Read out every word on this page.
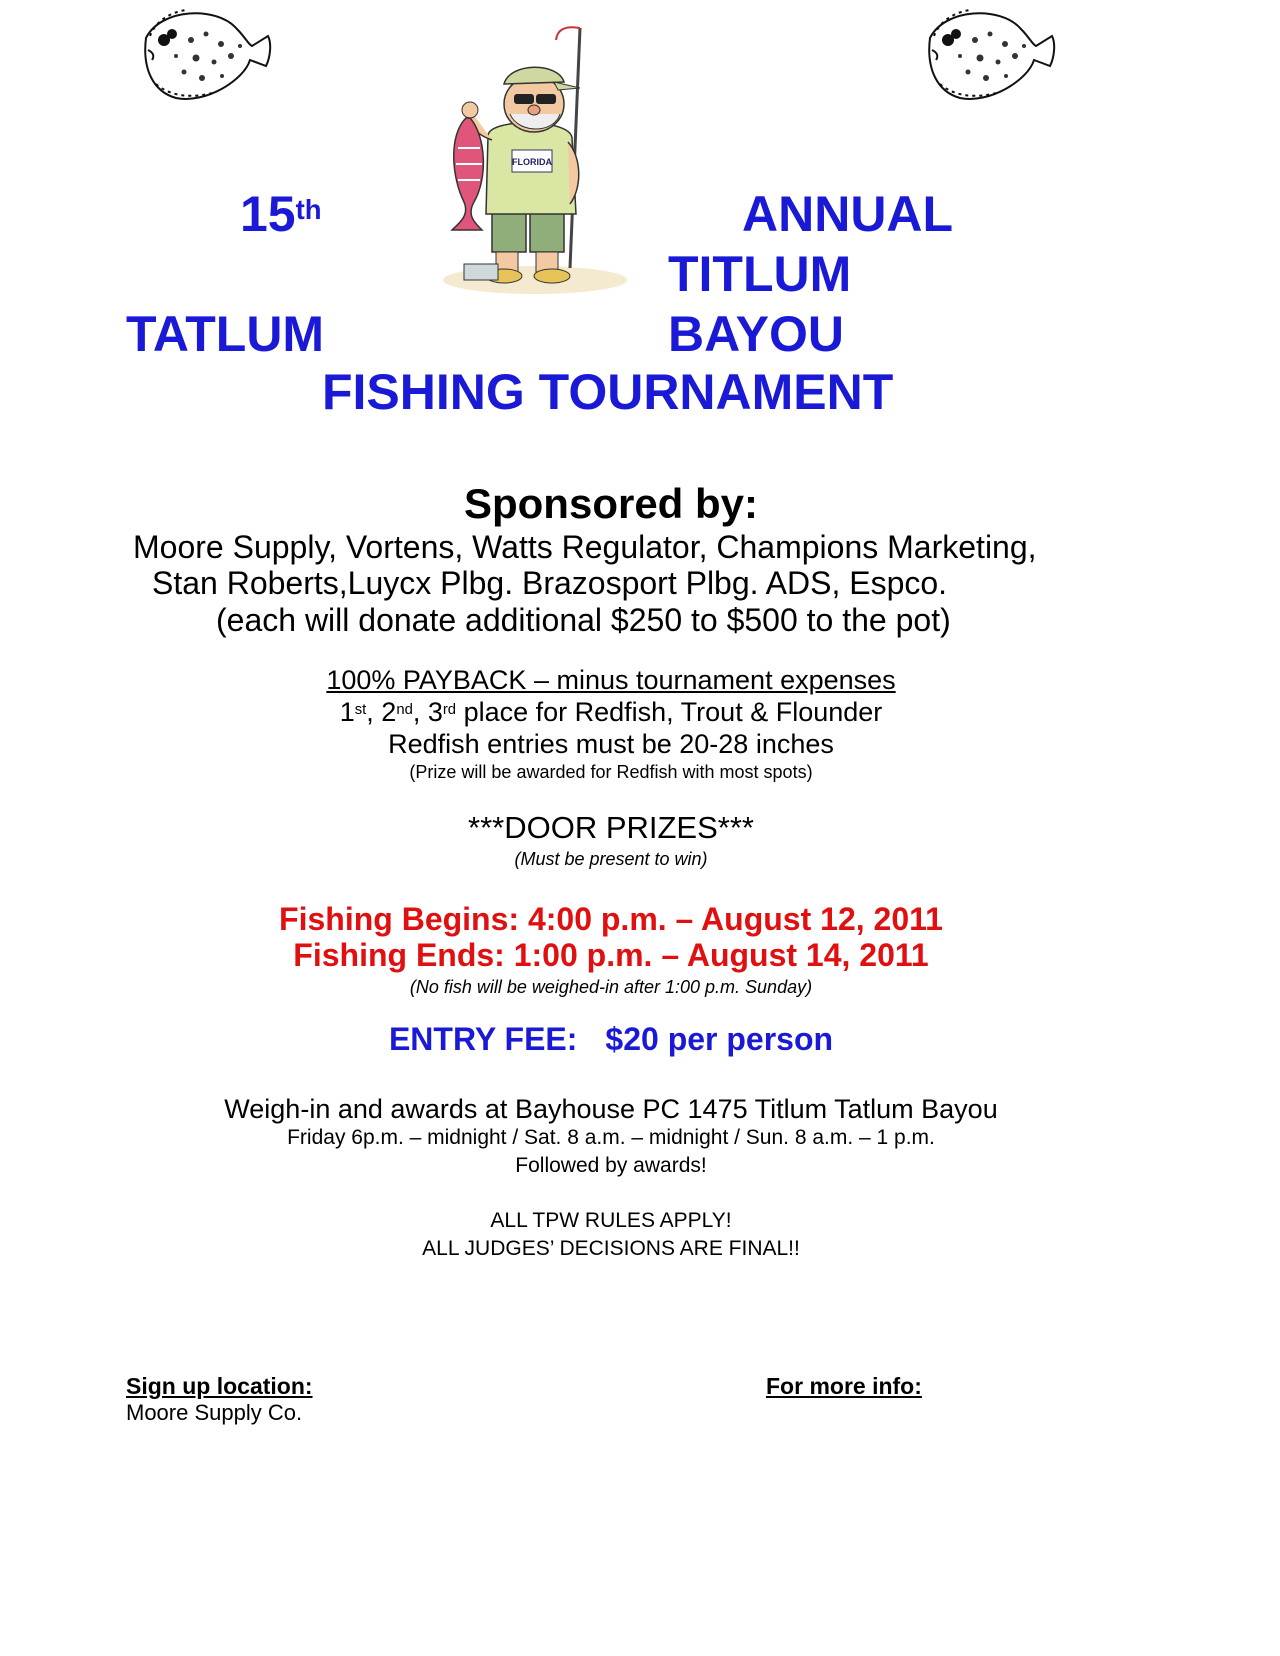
FLORIDA
15th	ANNUAL
TITLUM
TATLUM	BAYOU
FISHING TOURNAMENT
Sponsored by:
Moore Supply, Vortens, Watts Regulator, Champions Marketing,
Stan Roberts,Luycx Plbg. Brazosport Plbg. ADS, Espco.
(each will donate additional $250 to $500 to the pot)
100% PAYBACK – minus tournament expenses
1st, 2nd, 3rd place for Redfish, Trout & Flounder
Redfish entries must be 20-28 inches
(Prize will be awarded for Redfish with most spots)
***DOOR PRIZES***
(Must be present to win)
Fishing Begins: 4:00 p.m. – August 12, 2011
Fishing Ends: 1:00 p.m. – August 14, 2011
(No fish will be weighed-in after 1:00 p.m. Sunday)
ENTRY FEE: $20 per person
Weigh-in and awards at Bayhouse PC 1475 Titlum Tatlum Bayou
Friday 6p.m. – midnight / Sat. 8 a.m. – midnight / Sun. 8 a.m. – 1 p.m.
Followed by awards!
ALL TPW RULES APPLY!
ALL JUDGES’ DECISIONS ARE FINAL!!
Sign up location:
Moore Supply Co.
For more info:
